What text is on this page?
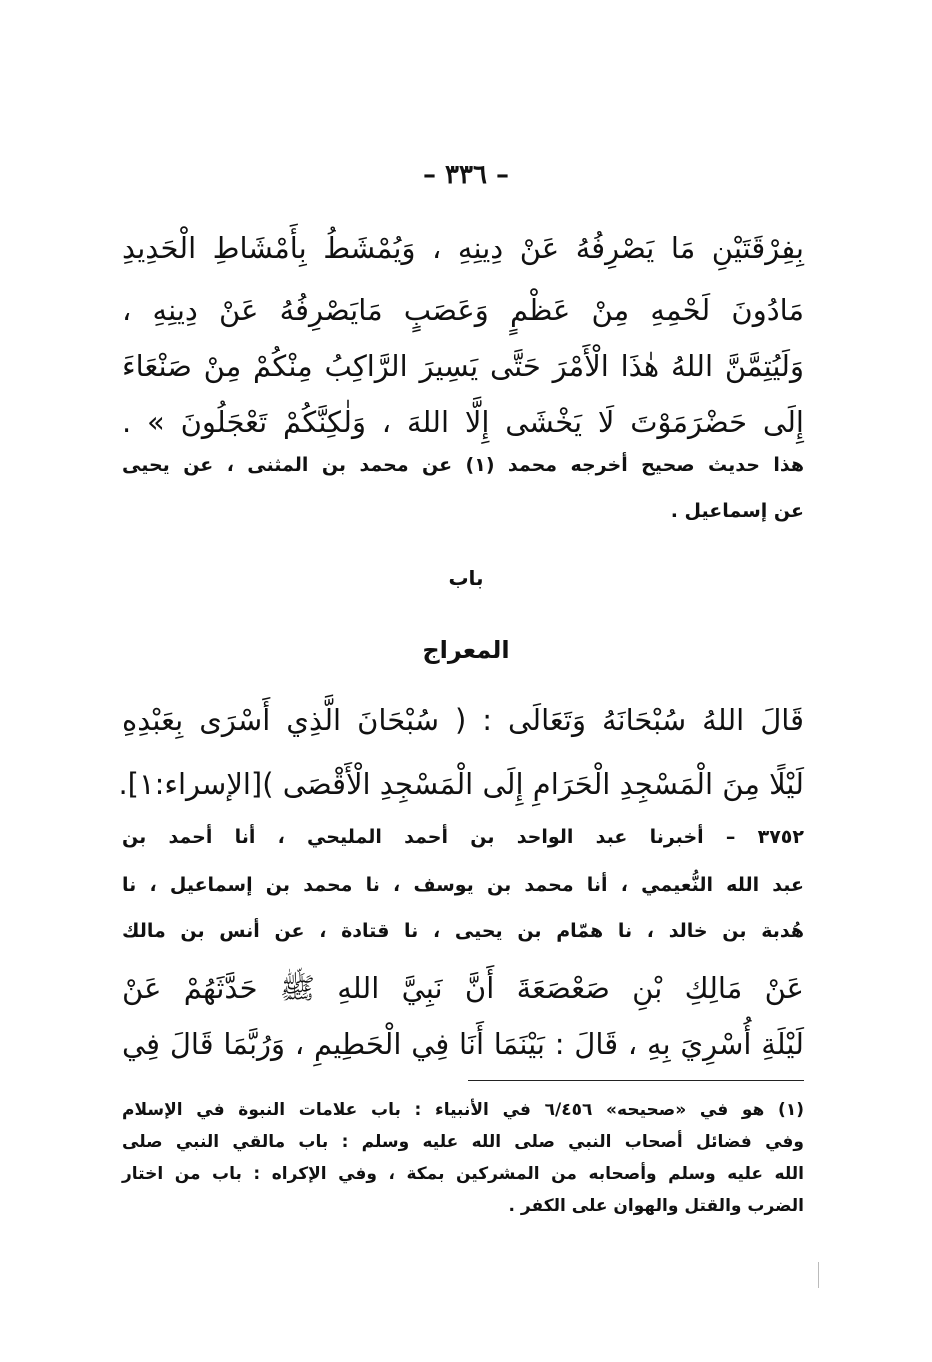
– ٣٣٦ –
بِفِرْقَتَيْنِ مَا يَصْرِفُهُ عَنْ دِينِهِ ، وَيُمْشَطُ بِأَمْشَاطِ الْحَدِيدِ
مَادُونَ لَحْمِهِ مِنْ عَظْمٍ وَعَصَبٍ مَايَصْرِفُهُ عَنْ دِينِهِ ،
وَلَيُتِمَّنَّ اللهُ هٰذَا الْأَمْرَ حَتَّى يَسِيرَ الرَّاكِبُ مِنْكُمْ مِنْ صَنْعَاءَ
إِلَى حَضْرَمَوْتَ لَا يَخْشَى إِلَّا اللهَ ، وَلٰكِنَّكُمْ تَعْجَلُونَ » .
هذا حديث صحيح أخرجه محمد (١) عن محمد بن المثنى ، عن يحيى
عن إسماعيل .
باب
المعراج
قَالَ اللهُ سُبْحَانَهُ وَتَعَالَى : ( سُبْحَانَ الَّذِي أَسْرَى بِعَبْدِهِ
لَيْلًا مِنَ الْمَسْجِدِ الْحَرَامِ إِلَى الْمَسْجِدِ الْأَقْصَى )[الإسراء:١].
٣٧٥٢ – أخبرنا عبد الواحد بن أحمد المليحي ، أنا أحمد بن
عبد الله النُّعيمي ، أنا محمد بن يوسف ، نا محمد بن إسماعيل ، نا
هُدبة بن خالد ، نا همّام بن يحيى ، نا قتادة ، عن أنس بن مالك
عَنْ مَالِكِ بْنِ صَعْصَعَةَ أَنَّ نَبِيَّ اللهِ ﷺ حَدَّثَهُمْ عَنْ
لَيْلَةِ أُسْرِيَ بِهِ ، قَالَ : بَيْنَمَا أَنَا فِي الْحَطِيمِ ، وَرُبَّمَا قَالَ فِي
(١) هو في «صحيحه» ٦/٤٥٦ في الأنبياء : باب علامات النبوة في الإسلام
وفي فضائل أصحاب النبي صلى الله عليه وسلم : باب مالقي النبي صلى
الله عليه وسلم وأصحابه من المشركين بمكة ، وفي الإكراه : باب من اختار
الضرب والقتل والهوان على الكفر .
